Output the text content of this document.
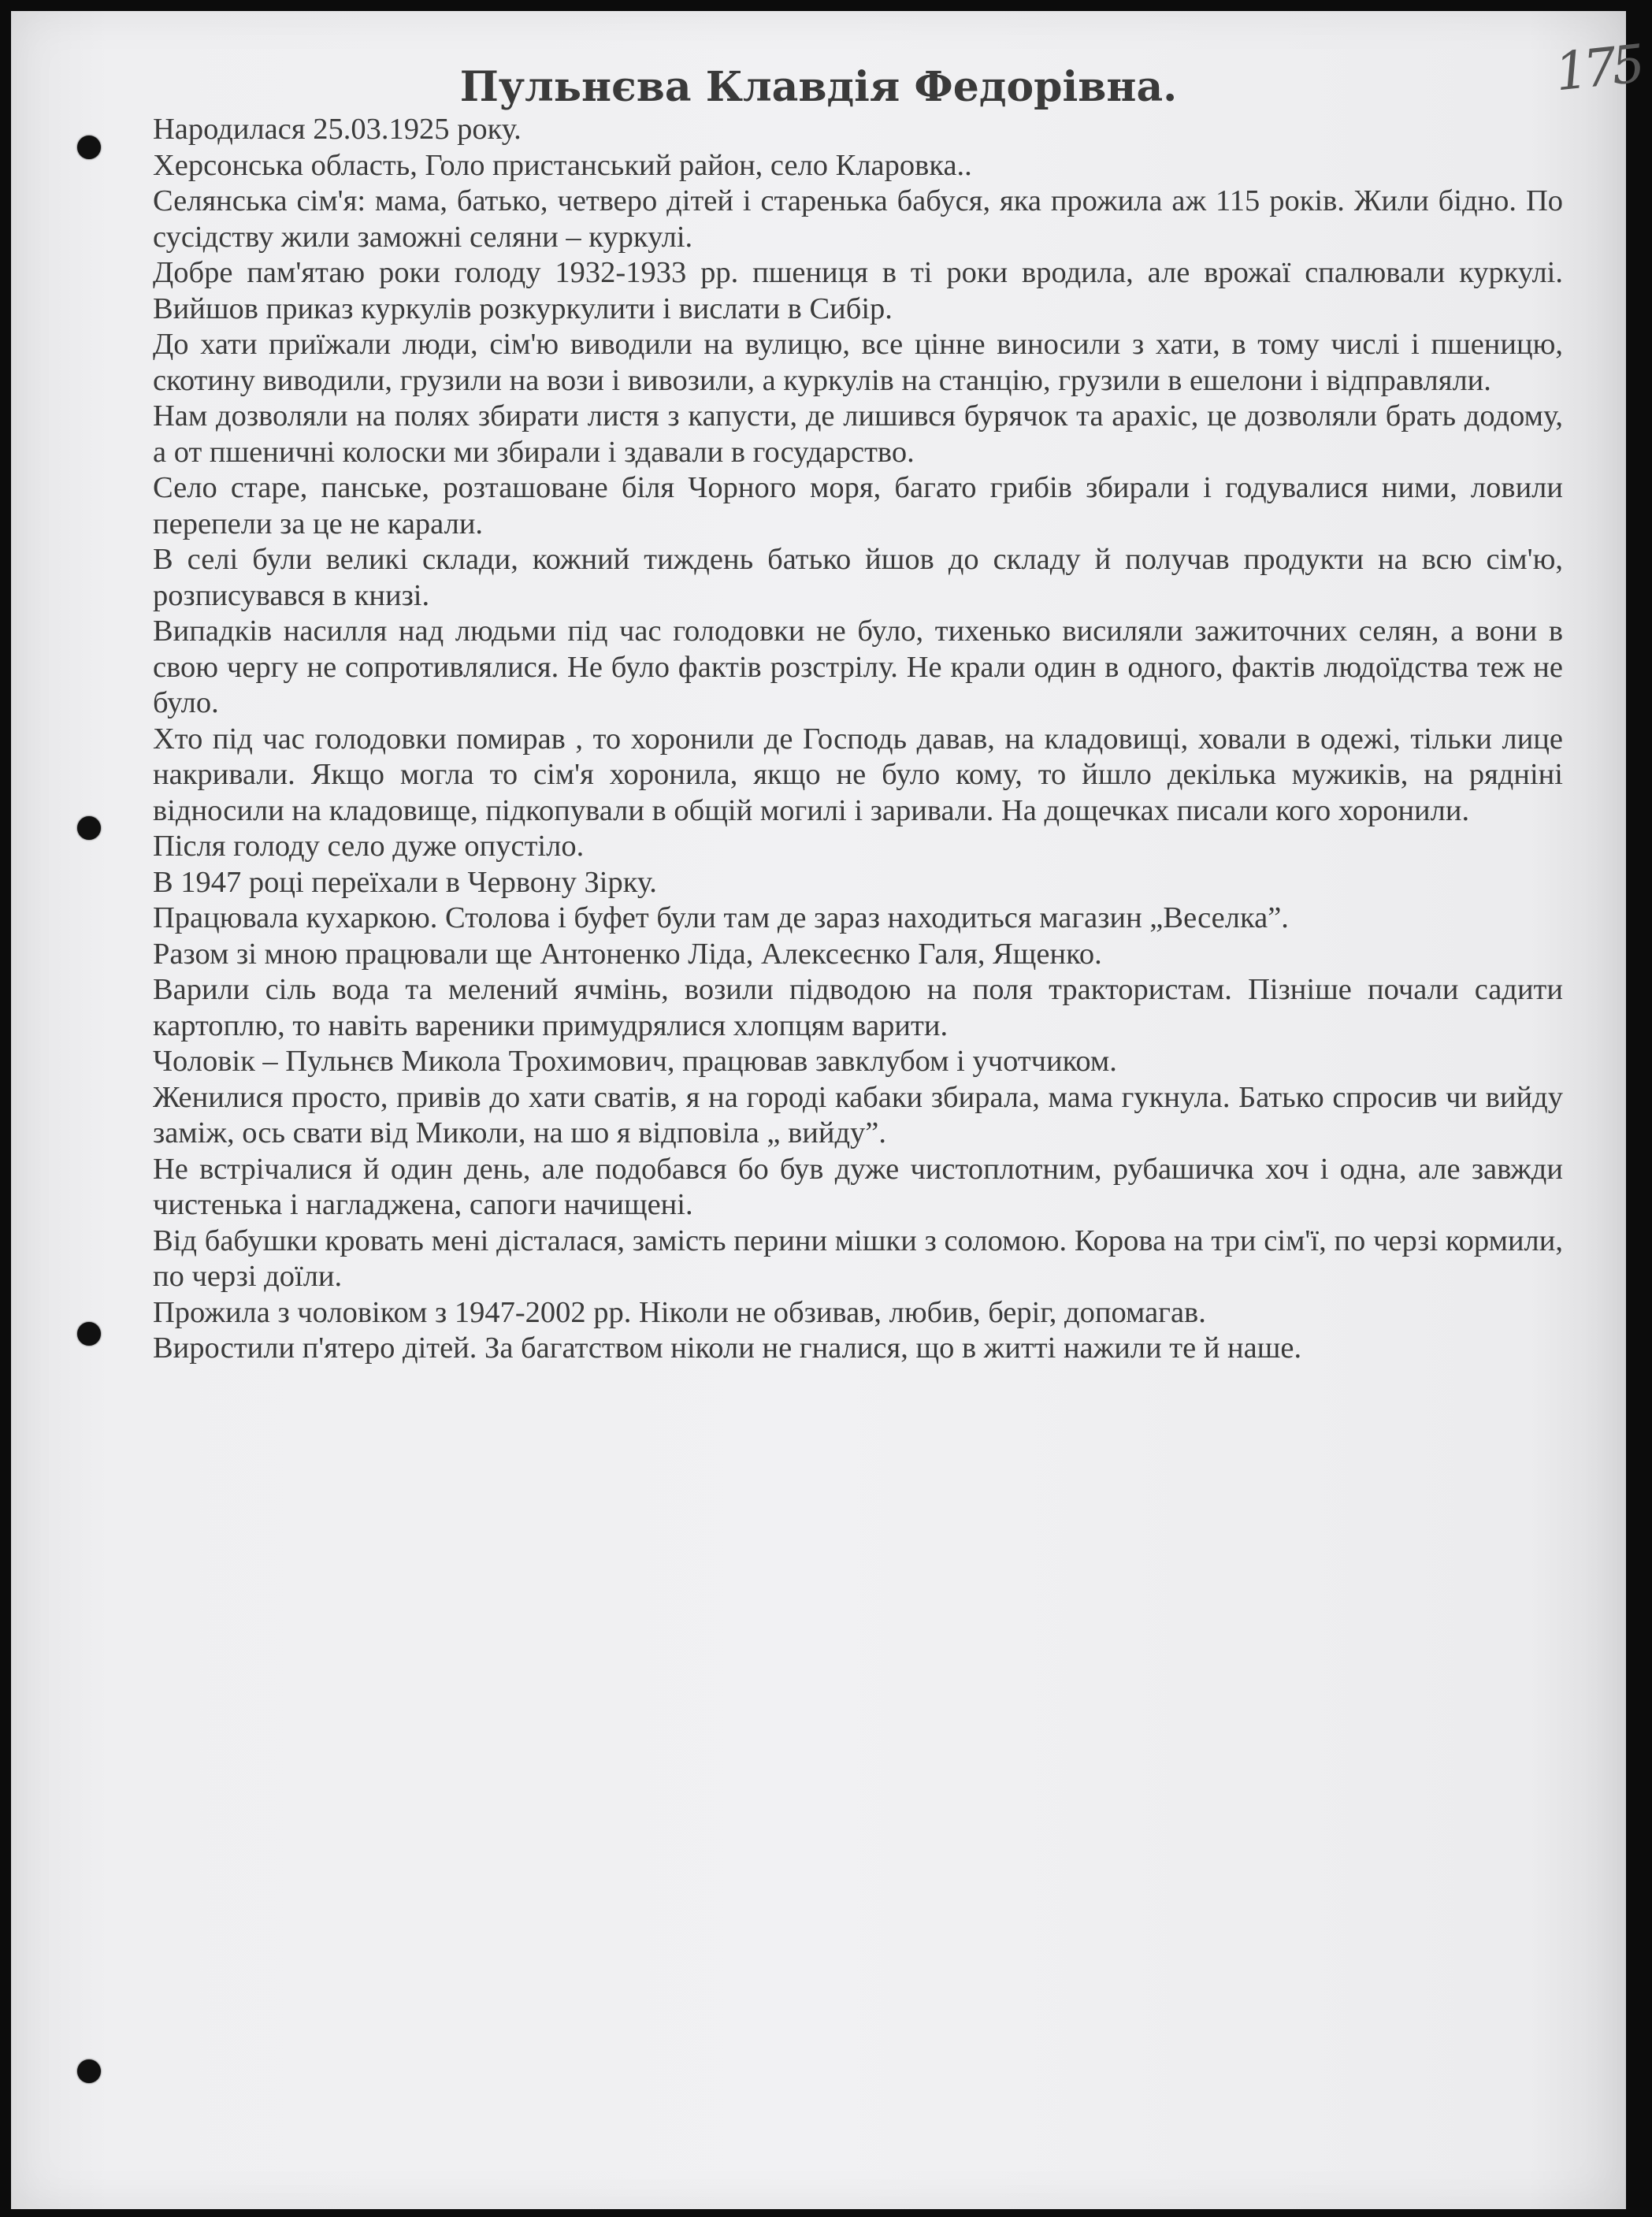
175
Пульнєва Клавдія Федорівна.

Народилася 25.03.1925 року.

Херсонська область, Голо пристанський район, село Кларовка..

Селянська сім'я: мама, батько, четверо дітей і старенька бабуся, яка прожила аж 115 років. Жили бідно. По сусідству жили заможні селяни – куркулі.

Добре пам'ятаю роки голоду 1932-1933 рр. пшениця в ті роки вродила, але врожаї спалювали куркулі. Вийшов приказ куркулів розкуркулити і вислати в Сибір.

До хати приїжали люди, сім'ю виводили на вулицю, все цінне виносили з хати, в тому числі і пшеницю, скотину виводили, грузили на вози і вивозили, а куркулів на станцію, грузили в ешелони і відправляли.

Нам дозволяли на полях збирати листя з капусти, де лишився бурячок та арахіс, це дозволяли брать додому, а от пшеничні колоски ми збирали і здавали в государство.

Село старе, панське, розташоване біля Чорного моря, багато грибів збирали і годувалися ними, ловили перепели за це не карали.

В селі були великі склади, кожний тиждень батько йшов до складу й получав продукти на всю сім'ю, розписувався в книзі.

Випадків насилля над людьми під час голодовки не було, тихенько висиляли зажиточних селян, а вони в свою чергу не сопротивлялися. Не було фактів розстрілу. Не крали один в одного, фактів людоїдства теж не було.

Хто під час голодовки помирав , то хоронили де Господь давав, на кладовищі, ховали в одежі, тільки лице накривали. Якщо могла то сім'я хоронила, якщо не було кому, то йшло декілька мужиків, на рядніні відносили на кладовище, підкопували в общій могилі і заривали. На дощечках писали кого хоронили.

Після голоду село дуже опустіло.

В 1947 році переїхали в Червону Зірку.

Працювала кухаркою. Столова і буфет були там де зараз находиться магазин „Веселка”.

Разом зі мною працювали ще Антоненко Ліда, Алексеєнко Галя, Ященко.

Варили сіль вода та мелений ячмінь, возили підводою на поля трактористам. Пізніше почали садити картоплю, то навіть вареники примудрялися хлопцям варити.

Чоловік – Пульнєв Микола Трохимович, працював завклубом і учотчиком.

Женилися просто, привів до хати сватів, я на городі кабаки збирала, мама гукнула. Батько спросив чи вийду заміж, ось свати від Миколи, на шо я відповіла „ вийду”.

Не встрічалися й один день, але подобався бо був дуже чистоплотним, рубашичка хоч і одна, але завжди чистенька і нагладжена, сапоги начищені.

Від бабушки кровать мені дісталася, замість перини мішки з соломою. Корова на три сім'ї, по черзі кормили, по черзі доїли.

Прожила з чоловіком з 1947-2002 рр. Ніколи не обзивав, любив, беріг, допомагав.

Виростили п'ятеро дітей. За багатством ніколи не гналися, що в житті нажили те й наше.
